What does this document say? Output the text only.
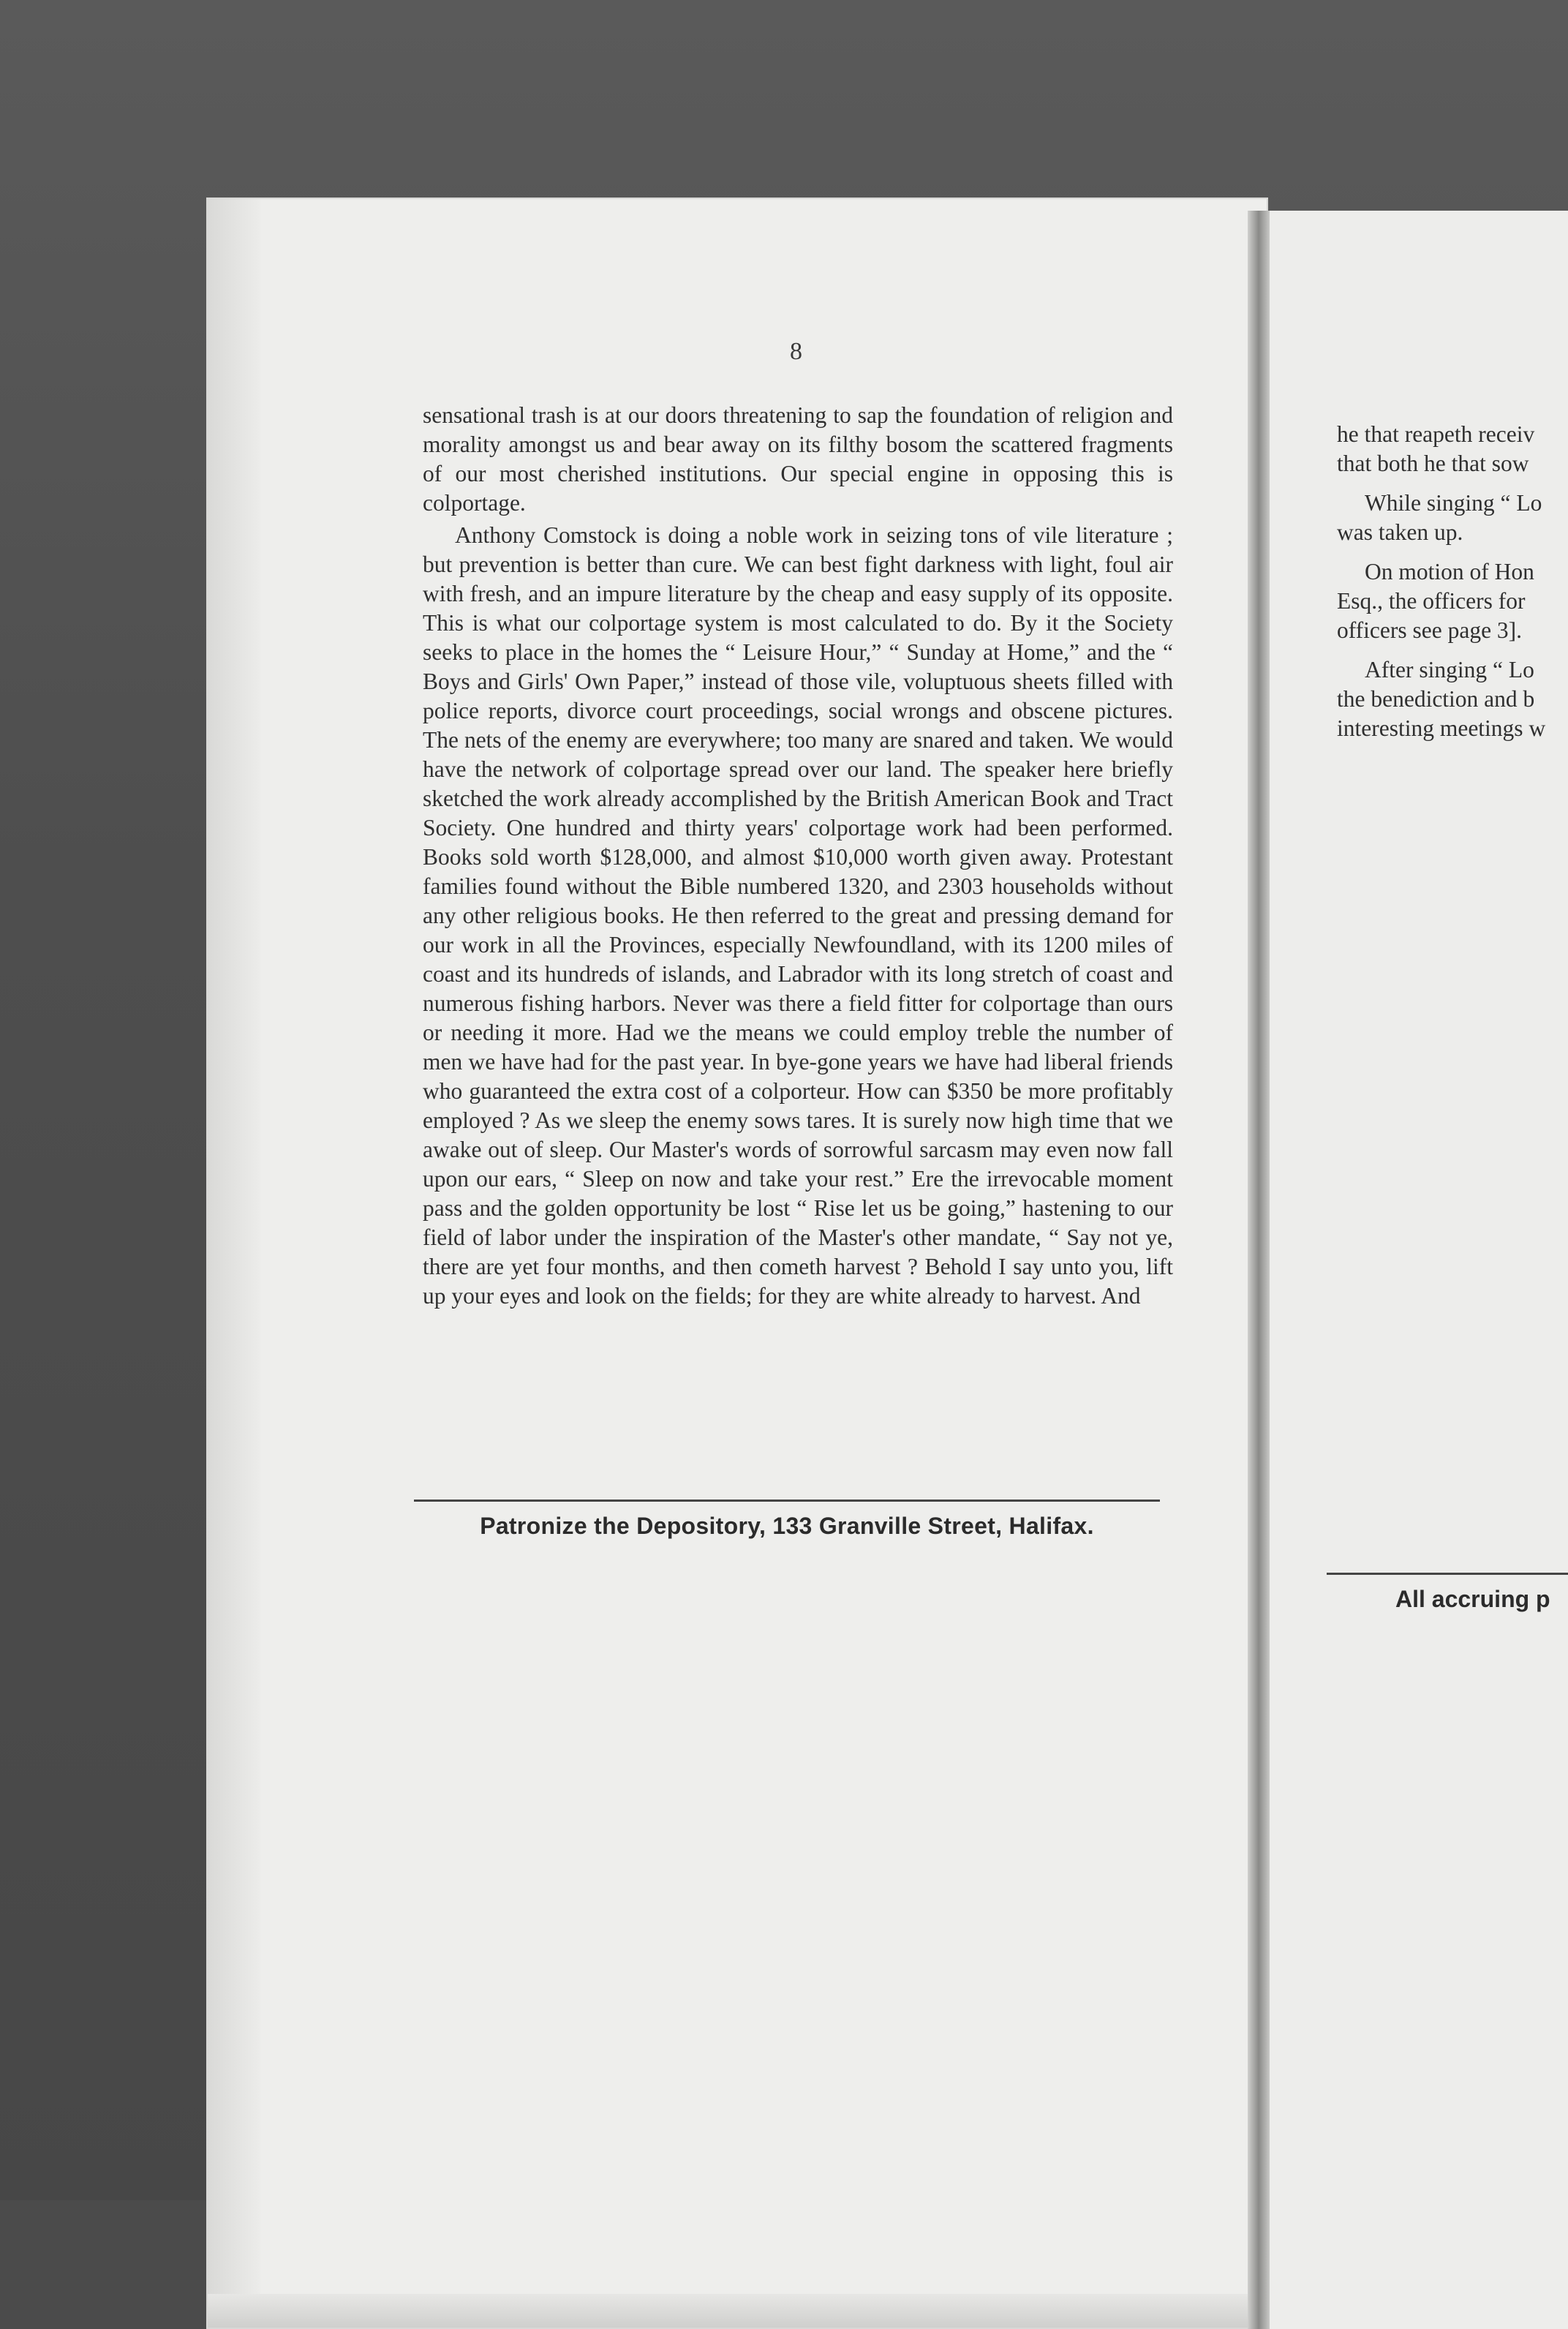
8

sensational trash is at our doors threatening to sap the foundation of religion and morality amongst us and bear away on its filthy bosom the scattered fragments of our most cherished institutions. Our special engine in opposing this is colportage.

Anthony Comstock is doing a noble work in seizing tons of vile literature ; but prevention is better than cure. We can best fight darkness with light, foul air with fresh, and an impure literature by the cheap and easy supply of its opposite. This is what our colportage system is most calculated to do. By it the Society seeks to place in the homes the “ Leisure Hour,” “ Sunday at Home,” and the “ Boys and Girls' Own Paper,” instead of those vile, voluptuous sheets filled with police reports, divorce court proceedings, social wrongs and obscene pictures. The nets of the enemy are everywhere; too many are snared and taken. We would have the network of colportage spread over our land. The speaker here briefly sketched the work already accomplished by the British American Book and Tract Society. One hundred and thirty years' colportage work had been performed. Books sold worth $128,000, and almost $10,000 worth given away. Protestant families found without the Bible numbered 1320, and 2303 households without any other religious books. He then referred to the great and pressing demand for our work in all the Provinces, especially Newfoundland, with its 1200 miles of coast and its hundreds of islands, and Labrador with its long stretch of coast and numerous fishing harbors. Never was there a field fitter for colportage than ours or needing it more. Had we the means we could employ treble the number of men we have had for the past year. In bye-gone years we have had liberal friends who guaranteed the extra cost of a colporteur. How can $350 be more profitably employed ? As we sleep the enemy sows tares. It is surely now high time that we awake out of sleep. Our Master's words of sorrowful sarcasm may even now fall upon our ears, “ Sleep on now and take your rest.” Ere the irrevocable moment pass and the golden opportunity be lost “ Rise let us be going,” hastening to our field of labor under the inspiration of the Master's other mandate, “ Say not ye, there are yet four months, and then cometh harvest ? Behold I say unto you, lift up your eyes and look on the fields; for they are white already to harvest. And

Patronize the Depository, 133 Granville Street, Halifax.
he that reapeth receiv
that both he that sow
While singing “ Lo
was taken up.
On motion of Hon
Esq., the officers for
officers see page 3].
After singing “ Lo
the benediction and b
interesting meetings w
All accruing p
